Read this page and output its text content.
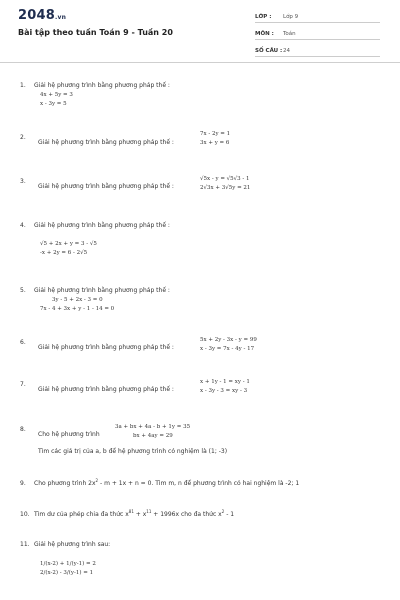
2048.vn
Bài tập theo tuần Toán 9 - Tuần 20
LỚP :	Lớp 9
MÔN :	Toán
SỐ CÂU : 24
1. Giải hệ phương trình bằng phương pháp thế :
4x + 5y = 3
x - 3y = 5
2.
Giải hệ phương trình bằng phương pháp thế :
7x - 2y = 1
3x + y = 6
3.
Giải hệ phương trình bằng phương pháp thế :
√5x - y = √5√3 - 1
2√3x + 3√5y = 21
4. Giải hệ phương trình bằng phương pháp thế :
√5 + 2x + y = 3 - √5
-x + 2y = 6 - 2√5
5. Giải hệ phương trình bằng phương pháp thế :
3y - 5 + 2x - 3 = 0
7x - 4 + 3x + y - 1 - 14 = 0
6.
Giải hệ phương trình bằng phương pháp thế :
5x + 2y - 3x - y = 99
x - 3y = 7x - 4y - 17
7.
Giải hệ phương trình bằng phương pháp thế :
x + 1y - 1 = xy - 1
x - 3y - 3 = xy - 3
8.
Cho hệ phương trình
3a + bx + 4a - b + 1y = 35
bx + 4ay = 29
Tìm các giá trị của a, b để hệ phương trình có nghiệm là (1; -3)
9. Cho phương trình $2x^2 - m + 1x + n = 0$. Tìm m, n để phương trình có hai nghiệm là -2; 1
10. Tìm dư của phép chia đa thức $x^{81} + x^{11} + 1996x$ cho đa thức $x^2 - 1$
11. Giải hệ phương trình sau:
1/(x-2) + 1/(y-1) = 2
2/(x-2) - 3/(y-1) = 1
